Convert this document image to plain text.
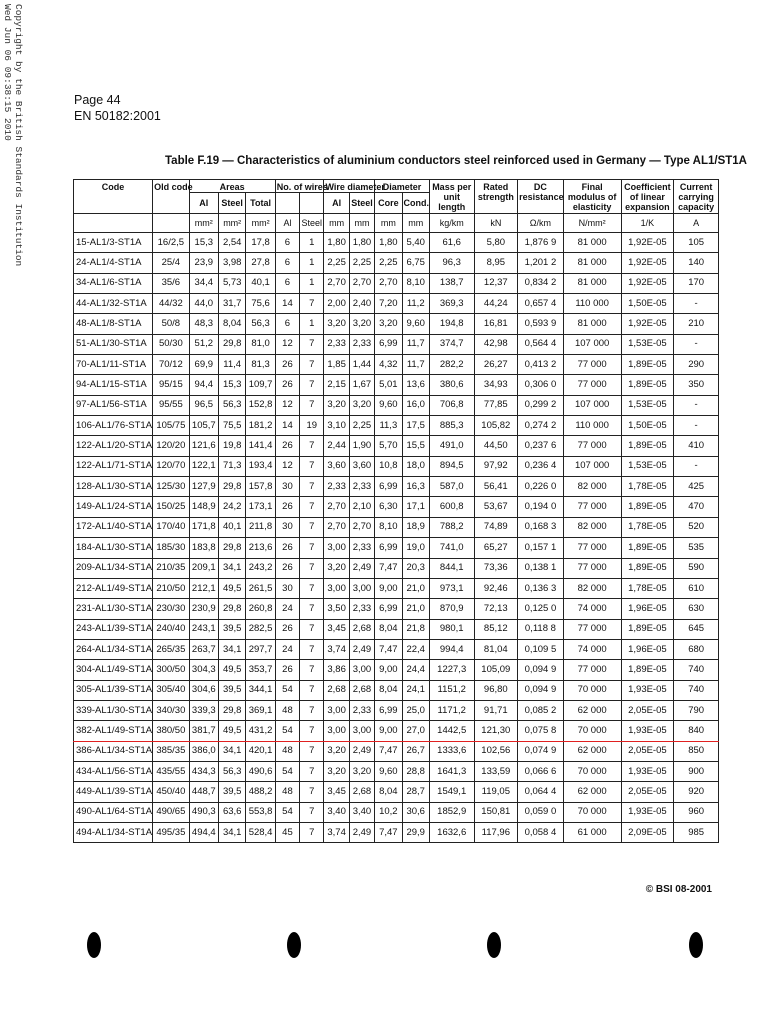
Copyright by the British Standards Institution
Wed Jun 06 09:38:15 2010
Page 44
EN 50182:2001
Table F.19 — Characteristics of aluminium conductors steel reinforced used in Germany — Type AL1/ST1A
Code	Old code	Areas			No. of wires		Wire diameter		Diameter		Mass per unit length	Rated strength	DC resistance	Final modulus of elasticity	Coefficient of linear expansion	Current carrying capacity
		Al	Steel	Total			Al	Steel	Core	Cond.						
		mm²	mm²	mm²	Al	Steel	mm	mm	mm	mm	kg/km	kN	Ω/km	N/mm²	1/K	A
15-AL1/3-ST1A	16/2,5	15,3	2,54	17,8	6	1	1,80	1,80	1,80	5,40	61,6	5,80	1,876 9	81 000	1,92E-05	105
24-AL1/4-ST1A	25/4	23,9	3,98	27,8	6	1	2,25	2,25	2,25	6,75	96,3	8,95	1,201 2	81 000	1,92E-05	140
34-AL1/6-ST1A	35/6	34,4	5,73	40,1	6	1	2,70	2,70	2,70	8,10	138,7	12,37	0,834 2	81 000	1,92E-05	170
44-AL1/32-ST1A	44/32	44,0	31,7	75,6	14	7	2,00	2,40	7,20	11,2	369,3	44,24	0,657 4	110 000	1,50E-05	-
48-AL1/8-ST1A	50/8	48,3	8,04	56,3	6	1	3,20	3,20	3,20	9,60	194,8	16,81	0,593 9	81 000	1,92E-05	210
51-AL1/30-ST1A	50/30	51,2	29,8	81,0	12	7	2,33	2,33	6,99	11,7	374,7	42,98	0,564 4	107 000	1,53E-05	-
70-AL1/11-ST1A	70/12	69,9	11,4	81,3	26	7	1,85	1,44	4,32	11,7	282,2	26,27	0,413 2	77 000	1,89E-05	290
94-AL1/15-ST1A	95/15	94,4	15,3	109,7	26	7	2,15	1,67	5,01	13,6	380,6	34,93	0,306 0	77 000	1,89E-05	350
97-AL1/56-ST1A	95/55	96,5	56,3	152,8	12	7	3,20	3,20	9,60	16,0	706,8	77,85	0,299 2	107 000	1,53E-05	-
106-AL1/76-ST1A	105/75	105,7	75,5	181,2	14	19	3,10	2,25	11,3	17,5	885,3	105,82	0,274 2	110 000	1,50E-05	-
122-AL1/20-ST1A	120/20	121,6	19,8	141,4	26	7	2,44	1,90	5,70	15,5	491,0	44,50	0,237 6	77 000	1,89E-05	410
122-AL1/71-ST1A	120/70	122,1	71,3	193,4	12	7	3,60	3,60	10,8	18,0	894,5	97,92	0,236 4	107 000	1,53E-05	-
128-AL1/30-ST1A	125/30	127,9	29,8	157,8	30	7	2,33	2,33	6,99	16,3	587,0	56,41	0,226 0	82 000	1,78E-05	425
149-AL1/24-ST1A	150/25	148,9	24,2	173,1	26	7	2,70	2,10	6,30	17,1	600,8	53,67	0,194 0	77 000	1,89E-05	470
172-AL1/40-ST1A	170/40	171,8	40,1	211,8	30	7	2,70	2,70	8,10	18,9	788,2	74,89	0,168 3	82 000	1,78E-05	520
184-AL1/30-ST1A	185/30	183,8	29,8	213,6	26	7	3,00	2,33	6,99	19,0	741,0	65,27	0,157 1	77 000	1,89E-05	535
209-AL1/34-ST1A	210/35	209,1	34,1	243,2	26	7	3,20	2,49	7,47	20,3	844,1	73,36	0,138 1	77 000	1,89E-05	590
212-AL1/49-ST1A	210/50	212,1	49,5	261,5	30	7	3,00	3,00	9,00	21,0	973,1	92,46	0,136 3	82 000	1,78E-05	610
231-AL1/30-ST1A	230/30	230,9	29,8	260,8	24	7	3,50	2,33	6,99	21,0	870,9	72,13	0,125 0	74 000	1,96E-05	630
243-AL1/39-ST1A	240/40	243,1	39,5	282,5	26	7	3,45	2,68	8,04	21,8	980,1	85,12	0,118 8	77 000	1,89E-05	645
264-AL1/34-ST1A	265/35	263,7	34,1	297,7	24	7	3,74	2,49	7,47	22,4	994,4	81,04	0,109 5	74 000	1,96E-05	680
304-AL1/49-ST1A	300/50	304,3	49,5	353,7	26	7	3,86	3,00	9,00	24,4	1227,3	105,09	0,094 9	77 000	1,89E-05	740
305-AL1/39-ST1A	305/40	304,6	39,5	344,1	54	7	2,68	2,68	8,04	24,1	1151,2	96,80	0,094 9	70 000	1,93E-05	740
339-AL1/30-ST1A	340/30	339,3	29,8	369,1	48	7	3,00	2,33	6,99	25,0	1171,2	91,71	0,085 2	62 000	2,05E-05	790
382-AL1/49-ST1A	380/50	381,7	49,5	431,2	54	7	3,00	3,00	9,00	27,0	1442,5	121,30	0,075 8	70 000	1,93E-05	840
386-AL1/34-ST1A	385/35	386,0	34,1	420,1	48	7	3,20	2,49	7,47	26,7	1333,6	102,56	0,074 9	62 000	2,05E-05	850
434-AL1/56-ST1A	435/55	434,3	56,3	490,6	54	7	3,20	3,20	9,60	28,8	1641,3	133,59	0,066 6	70 000	1,93E-05	900
449-AL1/39-ST1A	450/40	448,7	39,5	488,2	48	7	3,45	2,68	8,04	28,7	1549,1	119,05	0,064 4	62 000	2,05E-05	920
490-AL1/64-ST1A	490/65	490,3	63,6	553,8	54	7	3,40	3,40	10,2	30,6	1852,9	150,81	0,059 0	70 000	1,93E-05	960
494-AL1/34-ST1A	495/35	494,4	34,1	528,4	45	7	3,74	2,49	7,47	29,9	1632,6	117,96	0,058 4	61 000	2,09E-05	985
© BSI 08-2001
